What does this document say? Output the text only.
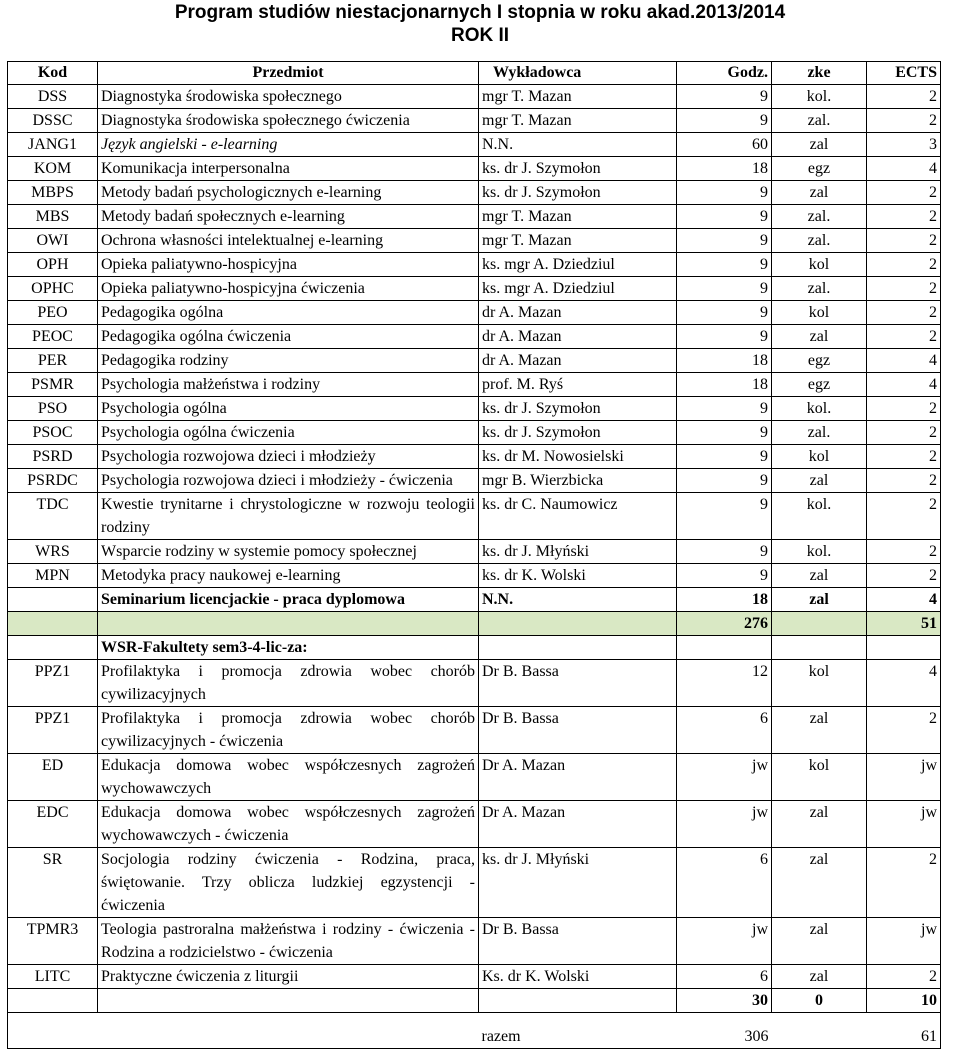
Program studiów niestacjonarnych I stopnia w roku akad.2013/2014
ROK II
Kod	Przedmiot	Wykładowca	Godz.	zke	ECTS
DSS	Diagnostyka środowiska społecznego	mgr T. Mazan	9	kol.	2
DSSC	Diagnostyka środowiska społecznego ćwiczenia	mgr T. Mazan	9	zal.	2
JANG1	Język angielski - e-learning	N.N.	60	zal	3
KOM	Komunikacja interpersonalna	ks. dr J. Szymołon	18	egz	4
MBPS	Metody badań psychologicznych e-learning	ks. dr J. Szymołon	9	zal	2
MBS	Metody badań społecznych e-learning	mgr T. Mazan	9	zal.	2
OWI	Ochrona własności intelektualnej e-learning	mgr T. Mazan	9	zal.	2
OPH	Opieka paliatywno-hospicyjna	ks. mgr A. Dziedziul	9	kol	2
OPHC	Opieka paliatywno-hospicyjna ćwiczenia	ks. mgr A. Dziedziul	9	zal.	2
PEO	Pedagogika ogólna	dr A. Mazan	9	kol	2
PEOC	Pedagogika ogólna ćwiczenia	dr A. Mazan	9	zal	2
PER	Pedagogika rodziny	dr A. Mazan	18	egz	4
PSMR	Psychologia małżeństwa i rodziny	prof. M. Ryś	18	egz	4
PSO	Psychologia ogólna	ks. dr J. Szymołon	9	kol.	2
PSOC	Psychologia ogólna ćwiczenia	ks. dr J. Szymołon	9	zal.	2
PSRD	Psychologia rozwojowa dzieci i młodzieży	ks. dr M. Nowosielski	9	kol	2
PSRDC	Psychologia rozwojowa dzieci i młodzieży - ćwiczenia	mgr B. Wierzbicka	9	zal	2
TDC	Kwestie trynitarne i chrystologiczne w rozwoju teologii rodziny	ks. dr C. Naumowicz	9	kol.	2
WRS	Wsparcie rodziny w systemie pomocy społecznej	ks. dr J. Młyński	9	kol.	2
MPN	Metodyka pracy naukowej e-learning	ks. dr K. Wolski	9	zal	2
	Seminarium licencjackie - praca dyplomowa	N.N.	18	zal	4
			276		51
	WSR-Fakultety sem3-4-lic-za:				
PPZ1	Profilaktyka i promocja zdrowia wobec chorób cywilizacyjnych	Dr B. Bassa	12	kol	4
PPZ1	Profilaktyka i promocja zdrowia wobec chorób cywilizacyjnych - ćwiczenia	Dr B. Bassa	6	zal	2
ED	Edukacja domowa wobec współczesnych zagrożeń wychowawczych	Dr A. Mazan	jw	kol	jw
EDC	Edukacja domowa wobec współczesnych zagrożeń wychowawczych - ćwiczenia	Dr A. Mazan	jw	zal	jw
SR	Socjologia rodziny ćwiczenia - Rodzina, praca, świętowanie. Trzy oblicza ludzkiej egzystencji - ćwiczenia	ks. dr J. Młyński	6	zal	2
TPMR3	Teologia pastroralna małżeństwa i rodziny - ćwiczenia - Rodzina a rodzicielstwo - ćwiczenia	Dr B. Bassa	jw	zal	jw
LITC	Praktyczne ćwiczenia z liturgii	Ks. dr K. Wolski	6	zal	2
			30	0	10
		razem	306		61
